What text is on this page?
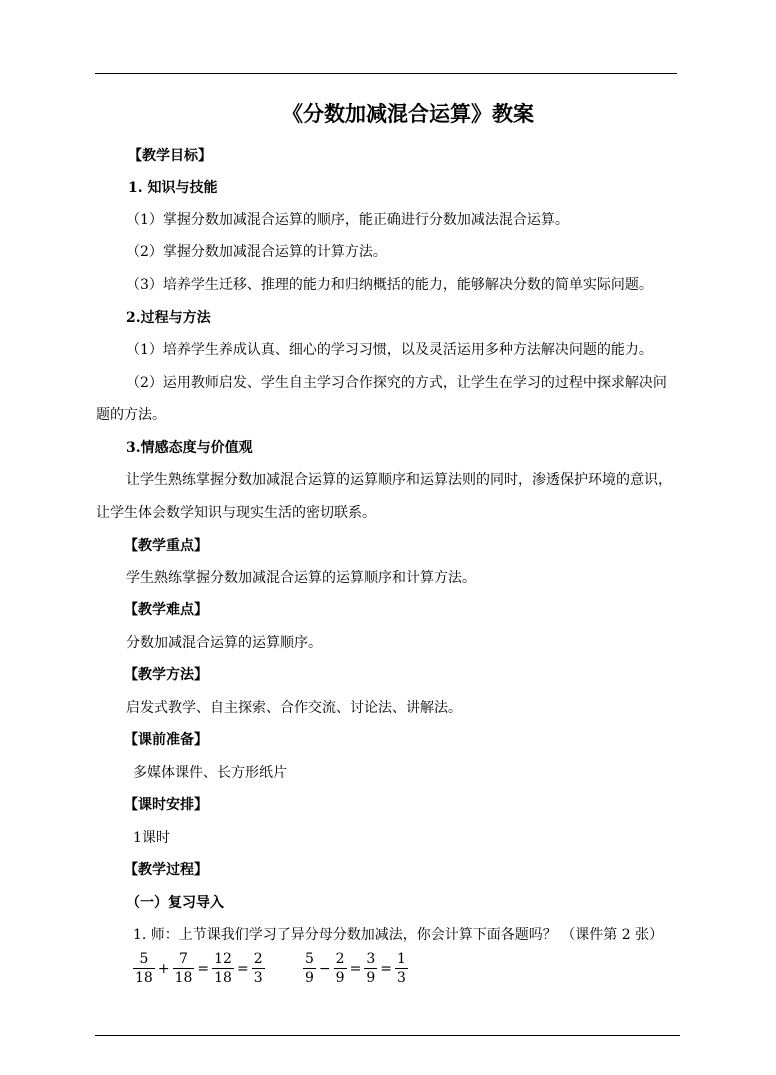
《分数加减混合运算》教案
【教学目标】
1. 知识与技能
（1）掌握分数加减混合运算的顺序，能正确进行分数加减法混合运算。
（2）掌握分数加减混合运算的计算方法。
（3）培养学生迁移、推理的能力和归纳概括的能力，能够解决分数的简单实际问题。
2.过程与方法
（1）培养学生养成认真、细心的学习习惯，以及灵活运用多种方法解决问题的能力。
（2）运用教师启发、学生自主学习合作探究的方式，让学生在学习的过程中探求解决问
题的方法。
3.情感态度与价值观
让学生熟练掌握分数加减混合运算的运算顺序和运算法则的同时，渗透保护环境的意识，
让学生体会数学知识与现实生活的密切联系。
【教学重点】
学生熟练掌握分数加减混合运算的运算顺序和计算方法。
【教学难点】
分数加减混合运算的运算顺序。
【教学方法】
启发式教学、自主探索、合作交流、讨论法、讲解法。
【课前准备】
多媒体课件、长方形纸片
【课时安排】
1课时
【教学过程】
（一）复习导入
1. 师：上节课我们学习了异分母分数加减法，你会计算下面各题吗？ （课件第 2 张）
$\frac{5}{18} + \frac{7}{18} = \frac{12}{18} = \frac{2}{3}$	$\frac{5}{9} - \frac{2}{9} = \frac{3}{9} = \frac{1}{3}$
